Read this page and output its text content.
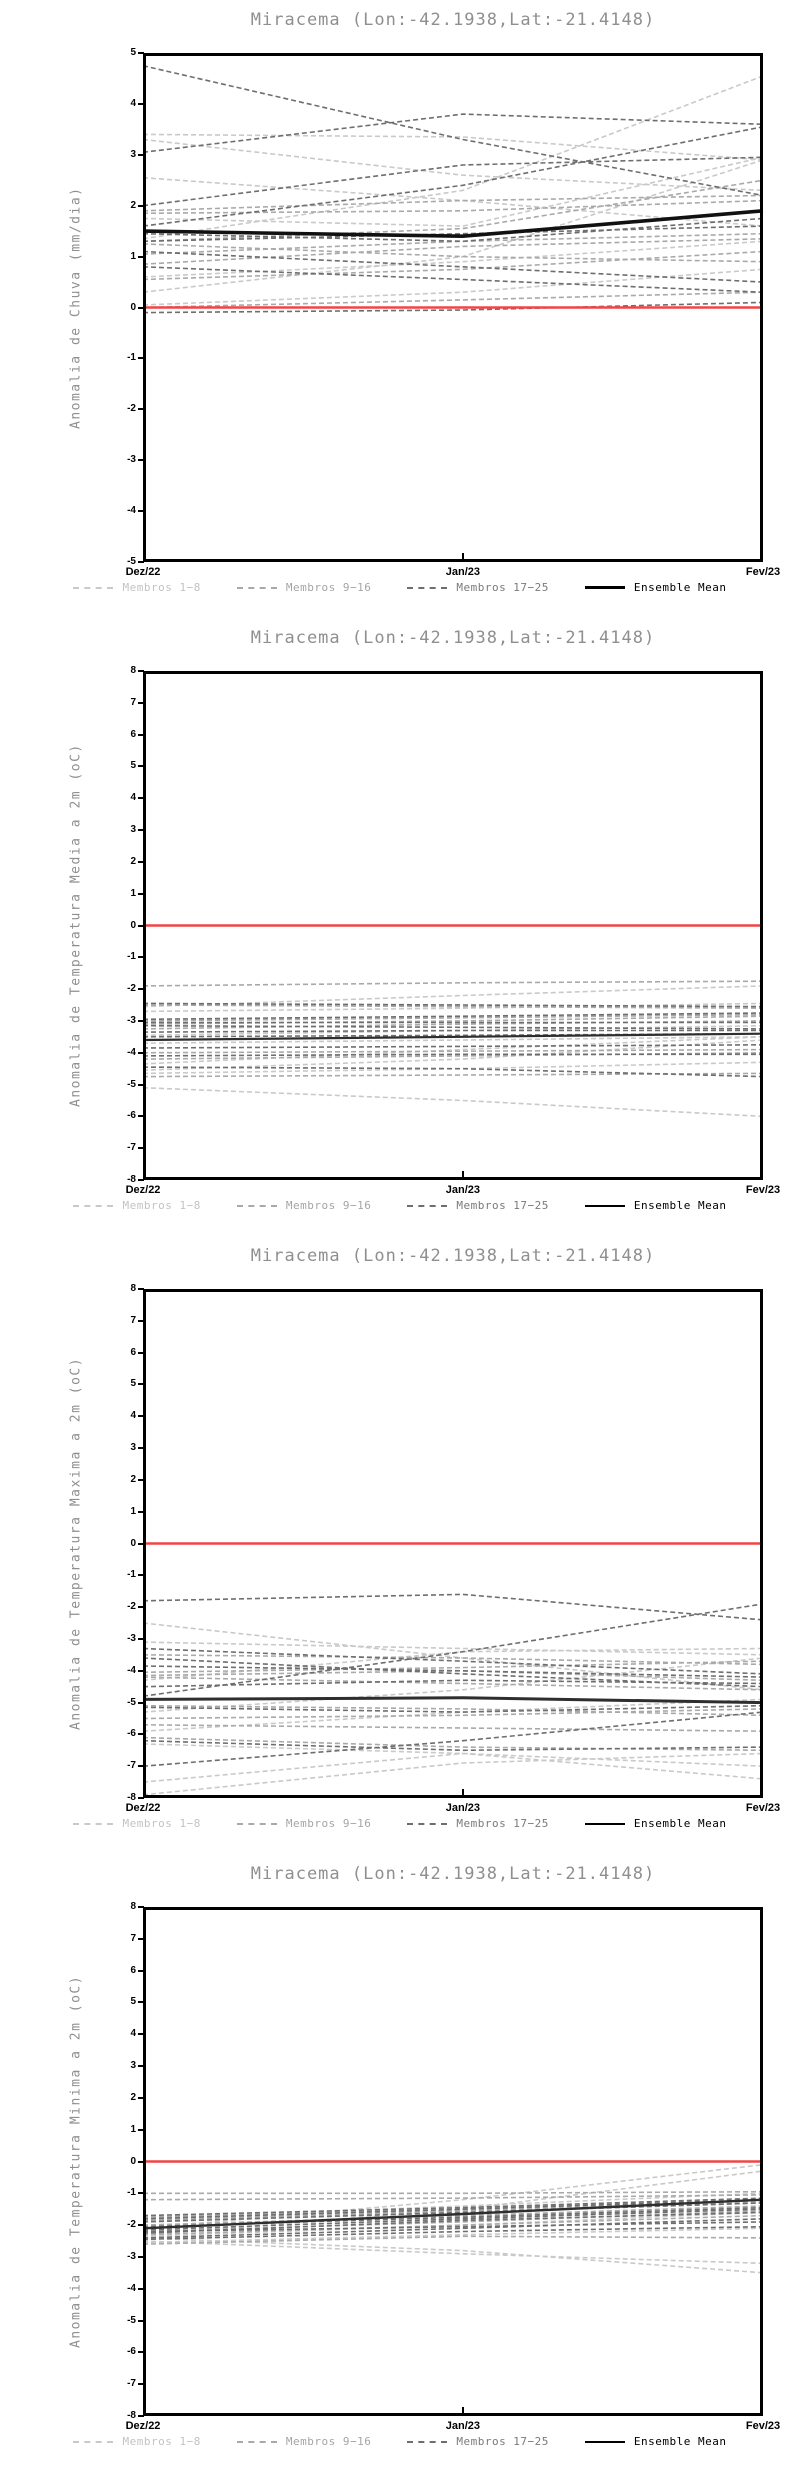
Miracema (Lon:-42.1938,Lat:-21.4148)
Anomalia de Chuva (mm/dia)
Membros 1−8	Membros 9−16	Membros 17−25	Ensemble Mean
5
4
3
2
1
0
-1
-2
-3
-4
-5
Dez/22	Jan/23	Fev/23
Miracema (Lon:-42.1938,Lat:-21.4148)
Anomalia de Temperatura Media a 2m (oC)
Membros 1−8	Membros 9−16	Membros 17−25	Ensemble Mean
8
7
6
5
4
3
2
1
0
-1
-2
-3
-4
-5
-6
-7
-8
Dez/22	Jan/23	Fev/23
Miracema (Lon:-42.1938,Lat:-21.4148)
Anomalia de Temperatura Maxima a 2m (oC)
Membros 1−8	Membros 9−16	Membros 17−25	Ensemble Mean
8
7
6
5
4
3
2
1
0
-1
-2
-3
-4
-5
-6
-7
-8
Dez/22	Jan/23	Fev/23
Miracema (Lon:-42.1938,Lat:-21.4148)
Anomalia de Temperatura Minima a 2m (oC)
Membros 1−8	Membros 9−16	Membros 17−25	Ensemble Mean
8
7
6
5
4
3
2
1
0
-1
-2
-3
-4
-5
-6
-7
-8
Dez/22	Jan/23	Fev/23
